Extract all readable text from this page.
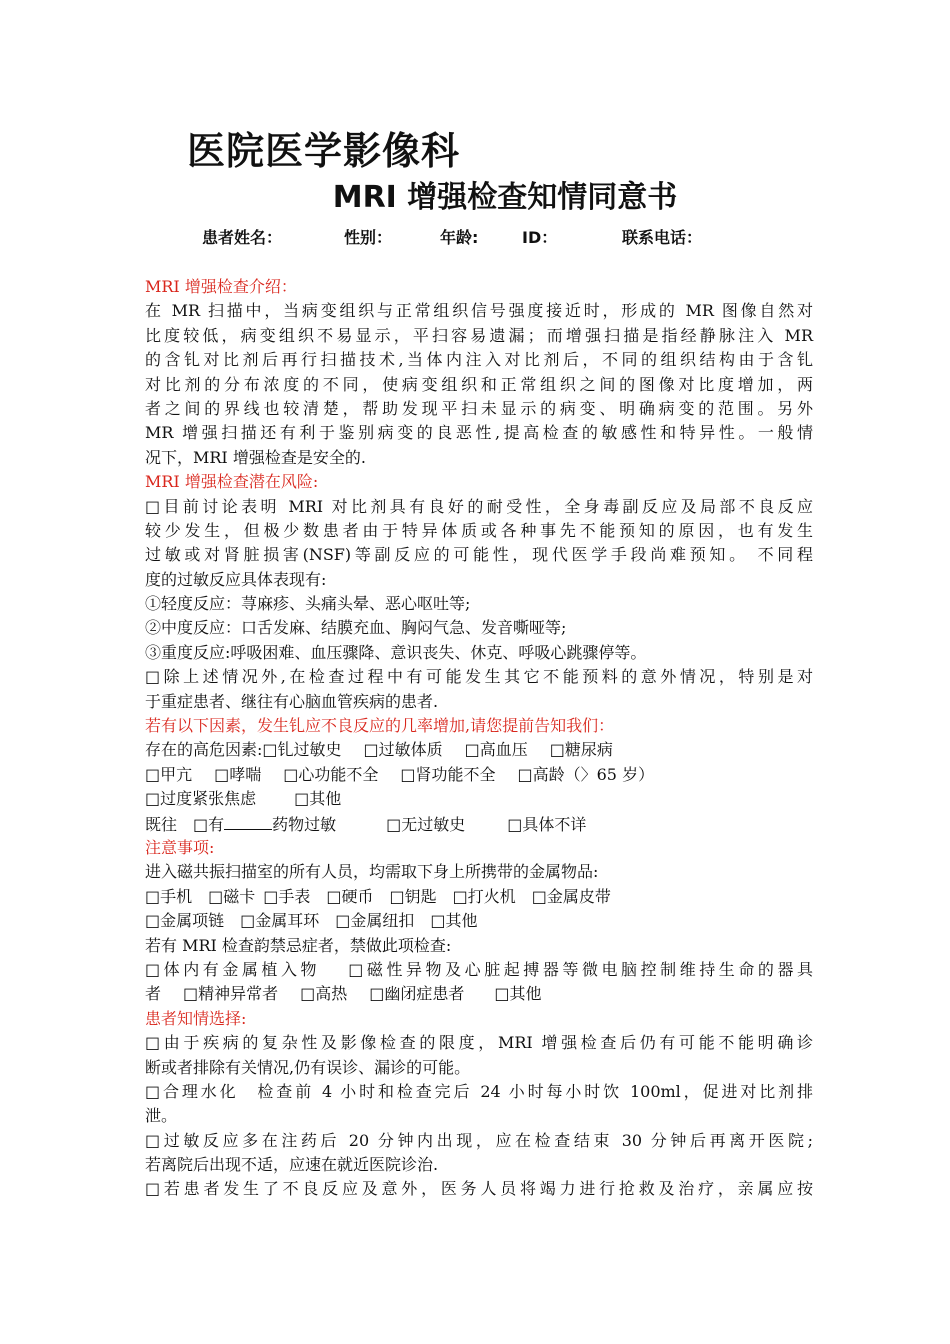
医院医学影像科
MRI 增强检查知情同意书
患者姓名：	性别：	年龄:	ID：	联系电话：
MRI 增强检查介绍：
在 MR 扫描中，当病变组织与正常组织信号强度接近时，形成的 MR 图像自然对
比度较低，病变组织不易显示，平扫容易遗漏；而增强扫描是指经静脉注入 MR
的含钆对比剂后再行扫描技术,当体内注入对比剂后，不同的组织结构由于含钆
对比剂的分布浓度的不同，使病变组织和正常组织之间的图像对比度增加，两
者之间的界线也较清楚，帮助发现平扫未显示的病变、明确病变的范围。另外
MR 增强扫描还有利于鉴别病变的良恶性,提高检查的敏感性和特异性。一般情
况下，MRI 增强检查是安全的.
MRI 增强检查潜在风险:
□目前讨论表明 MRI 对比剂具有良好的耐受性，全身毒副反应及局部不良反应
较少发生，但极少数患者由于特异体质或各种事先不能预知的原因，也有发生
过敏或对肾脏损害(NSF)等副反应的可能性，现代医学手段尚难预知。 不同程
度的过敏反应具体表现有:
①轻度反应：荨麻疹、头痛头晕、恶心呕吐等;
②中度反应：口舌发麻、结膜充血、胸闷气急、发音嘶哑等;
③重度反应:呼吸困难、血压骤降、意识丧失、休克、呼吸心跳骤停等。
□除上述情况外,在检查过程中有可能发生其它不能预料的意外情况，特别是对
于重症患者、继往有心脑血管疾病的患者.
若有以下因素，发生钆应不良反应的几率增加,请您提前告知我们：
存在的高危因素:□钆过敏史 □过敏体质 □高血压 □糖尿病
□甲亢 □哮喘 □心功能不全 □肾功能不全 □高龄（〉65 岁）
□过度紧张焦虑 □其他
既往 □有	药物过敏	□无过敏史	□具体不详
注意事项:
进入磁共振扫描室的所有人员，均需取下身上所携带的金属物品:
□手机 □磁卡 □手表 □硬币 □钥匙 □打火机 □金属皮带
□金属项链 □金属耳环 □金属纽扣 □其他
若有 MRI 检查韵禁忌症者，禁做此项检查:
□体内有金属植入物　 □磁性异物及心脏起搏器等微电脑控制维持生命的器具
者 □精神异常者 □高热 □幽闭症患者 □其他
患者知情选择:
□由于疾病的复杂性及影像检查的限度，MRI 增强检查后仍有可能不能明确诊
断或者排除有关情况,仍有误诊、漏诊的可能。
□合理水化　检查前 4 小时和检查完后 24 小时每小时饮 100ml，促进对比剂排
泄。
□过敏反应多在注药后 20 分钟内出现，应在检查结束 30 分钟后再离开医院;
若离院后出现不适，应速在就近医院诊治.
□若患者发生了不良反应及意外，医务人员将竭力进行抢救及治疗，亲属应按
